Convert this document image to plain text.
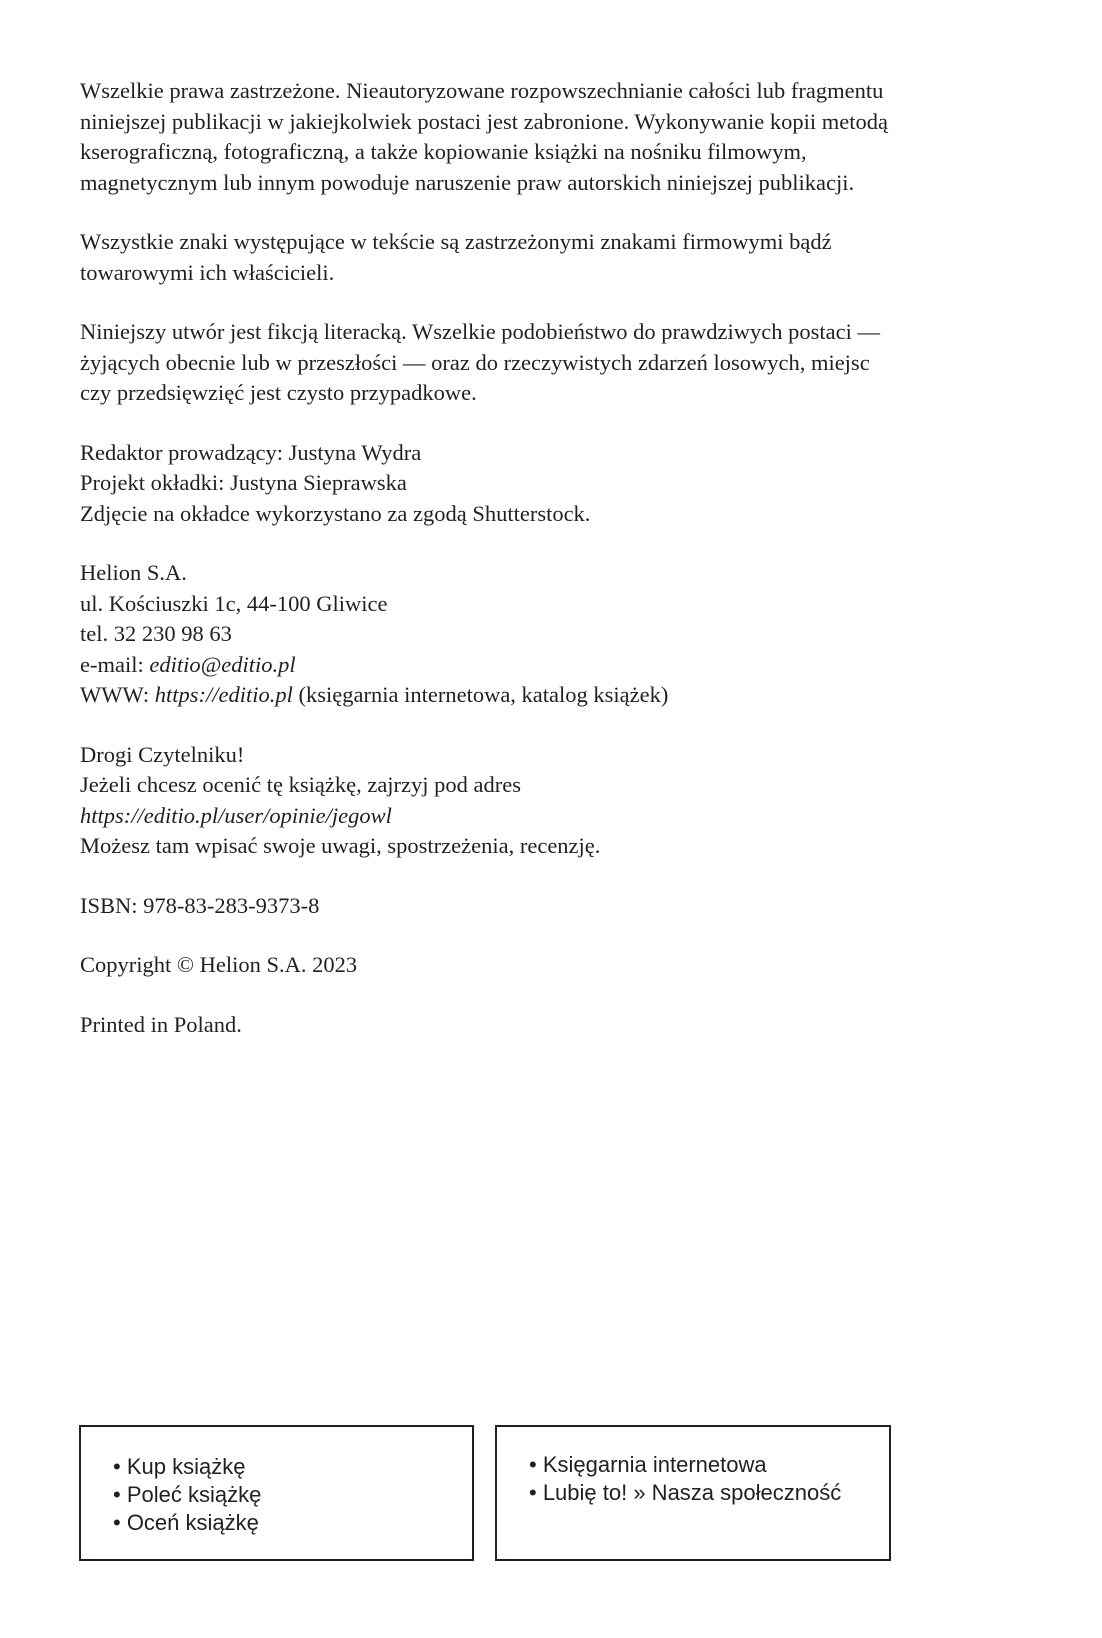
Wszelkie prawa zastrzeżone. Nieautoryzowane rozpowszechnianie całości lub fragmentu
niniejszej publikacji w jakiejkolwiek postaci jest zabronione. Wykonywanie kopii metodą
kserograficzną, fotograficzną, a także kopiowanie książki na nośniku filmowym,
magnetycznym lub innym powoduje naruszenie praw autorskich niniejszej publikacji.

Wszystkie znaki występujące w tekście są zastrzeżonymi znakami firmowymi bądź
towarowymi ich właścicieli.

Niniejszy utwór jest fikcją literacką. Wszelkie podobieństwo do prawdziwych postaci —
żyjących obecnie lub w przeszłości — oraz do rzeczywistych zdarzeń losowych, miejsc
czy przedsięwzięć jest czysto przypadkowe.

Redaktor prowadzący: Justyna Wydra
Projekt okładki: Justyna Sieprawska
Zdjęcie na okładce wykorzystano za zgodą Shutterstock.

Helion S.A.
ul. Kościuszki 1c, 44-100 Gliwice
tel. 32 230 98 63
e-mail: editio@editio.pl
WWW: https://editio.pl (księgarnia internetowa, katalog książek)

Drogi Czytelniku!
Jeżeli chcesz ocenić tę książkę, zajrzyj pod adres
https://editio.pl/user/opinie/jegowl
Możesz tam wpisać swoje uwagi, spostrzeżenia, recenzję.

ISBN: 978-83-283-9373-8

Copyright © Helion S.A. 2023

Printed in Poland.

• Kup książkę
• Poleć książkę
• Oceń książkę
• Księgarnia internetowa
• Lubię to! » Nasza społeczność
